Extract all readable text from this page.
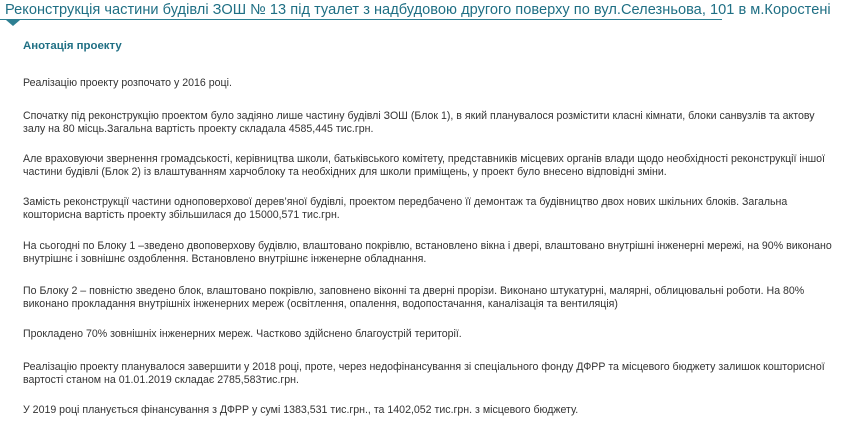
Реконструкція частини будівлі ЗОШ № 13 під туалет з надбудовою другого поверху по вул.Селезньова, 101 в м.Коростені
Анотація проекту
Реалізацію проекту розпочато у 2016 році.
Спочатку під реконструкцію проектом було задіяно лише частину будівлі ЗОШ (Блок 1), в який планувалося розмістити класні кімнати, блоки санвузлів та актову залу на 80 місць.Загальна вартість проекту складала 4585,445 тис.грн.
Але враховуючи звернення громадськості, керівництва школи, батьківського комітету, представників місцевих органів влади щодо необхідності реконструкції іншої частини будівлі (Блок 2) із влаштуванням харчоблоку та необхідних для школи приміщень, у проект було внесено відповідні зміни.
Замість реконструкції частини одноповерхової дерев’яної будівлі, проектом передбачено її демонтаж та будівництво двох нових шкільних блоків. Загальна кошторисна вартість проекту збільшилася до 15000,571 тис.грн.
На сьогодні по Блоку 1 –зведено двоповерхову будівлю, влаштовано покрівлю, встановлено вікна і двері, влаштовано внутрішні інженерні мережі, на 90% виконано внутрішнє і зовнішнє оздоблення. Встановлено внутрішнє інженерне обладнання.
По Блоку 2 – повністю зведено блок, влаштовано покрівлю, заповнено віконні та дверні прорізи. Виконано штукатурні, малярні, облицювальні роботи. На 80% виконано прокладання внутрішніх інженерних мереж (освітлення, опалення, водопостачання, каналізація та вентиляція)
Прокладено 70% зовнішніх інженерних мереж. Частково здійснено благоустрій території.
Реалізацію проекту планувалося завершити у 2018 році, проте, через недофінансування зі спеціального фонду ДФРР та місцевого бюджету залишок кошторисної вартості станом на 01.01.2019 складає 2785,583тис.грн.
У 2019 році планується фінансування з ДФРР у сумі 1383,531 тис.грн., та 1402,052 тис.грн. з місцевого бюджету.
